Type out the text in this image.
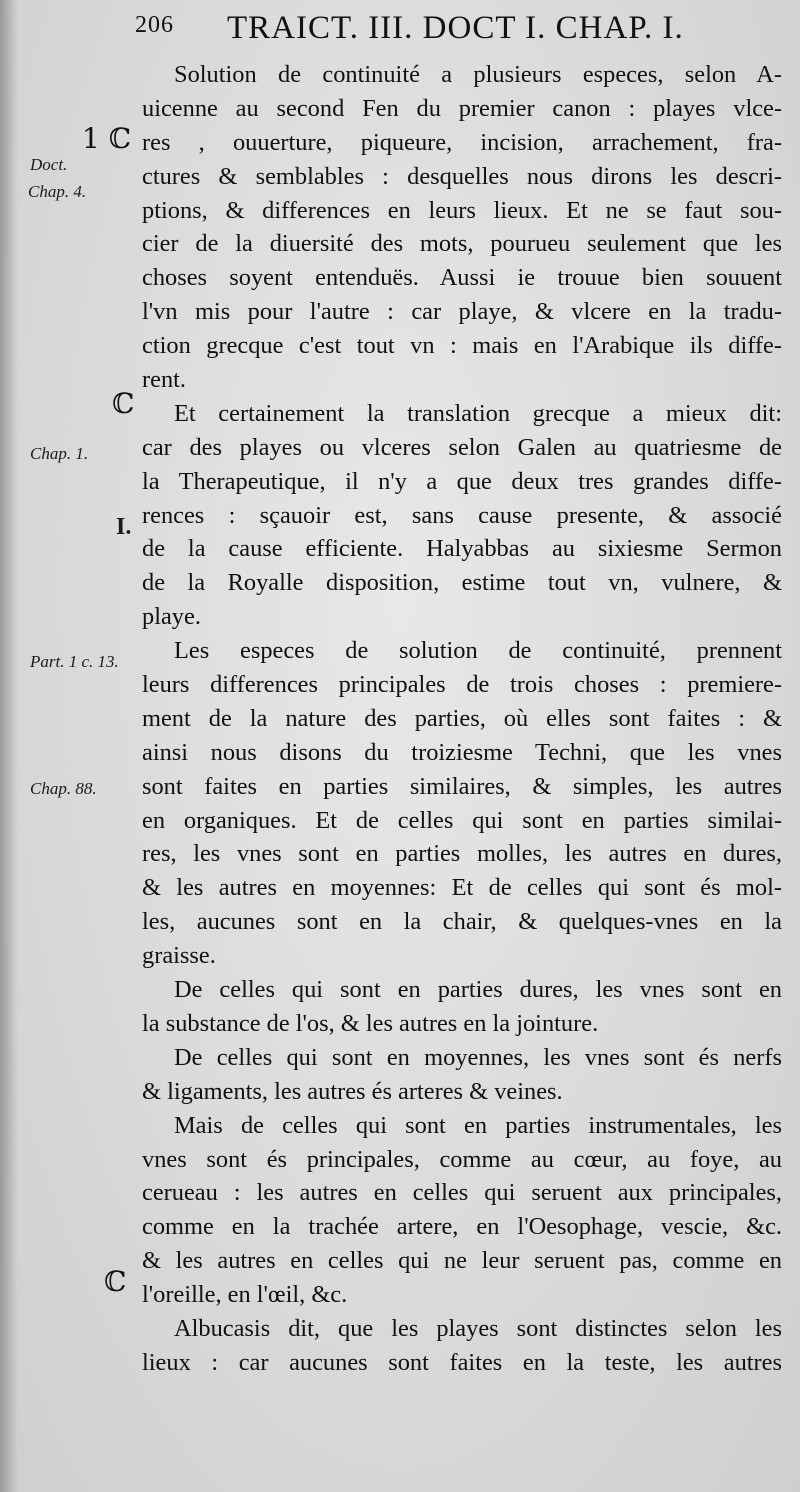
206 TRAICT. III. DOCT I. CHAP. I.
1 ℂ
Doct.
Chap. 4.
ℂ
Chap. 1.
I.
Part. 1 c. 13.
Chap. 88.
ℂ
Solution de continuité a plusieurs especes, selon A-
uicenne au second Fen du premier canon : playes vlce-
res , ouuerture, piqueure, incision, arrachement, fra-
ctures & semblables : desquelles nous dirons les descri-
ptions, & differences en leurs lieux. Et ne se faut sou-
cier de la diuersité des mots, pourueu seulement que les
choses soyent entenduës. Aussi ie trouue bien souuent
l'vn mis pour l'autre : car playe, & vlcere en la tradu-
ction grecque c'est tout vn : mais en l'Arabique ils diffe-
rent.
Et certainement la translation grecque a mieux dit:
car des playes ou vlceres selon Galen au quatriesme de
la Therapeutique, il n'y a que deux tres grandes diffe-
rences : sçauoir est, sans cause presente, & associé
de la cause efficiente. Halyabbas au sixiesme Sermon
de la Royalle disposition, estime tout vn, vulnere, &
playe.
Les especes de solution de continuité, prennent
leurs differences principales de trois choses : premiere-
ment de la nature des parties, où elles sont faites : &
ainsi nous disons du troiziesme Techni, que les vnes
sont faites en parties similaires, & simples, les autres
en organiques. Et de celles qui sont en parties similai-
res, les vnes sont en parties molles, les autres en dures,
& les autres en moyennes: Et de celles qui sont és mol-
les, aucunes sont en la chair, & quelques-vnes en la
graisse.
De celles qui sont en parties dures, les vnes sont en
la substance de l'os, & les autres en la jointure.
De celles qui sont en moyennes, les vnes sont és nerfs
& ligaments, les autres és arteres & veines.
Mais de celles qui sont en parties instrumentales, les
vnes sont és principales, comme au cœur, au foye, au
cerueau : les autres en celles qui seruent aux principales,
comme en la trachée artere, en l'Oesophage, vescie, &c.
& les autres en celles qui ne leur seruent pas, comme en
l'oreille, en l'œil, &c.
Albucasis dit, que les playes sont distinctes selon les
lieux : car aucunes sont faites en la teste, les autres
